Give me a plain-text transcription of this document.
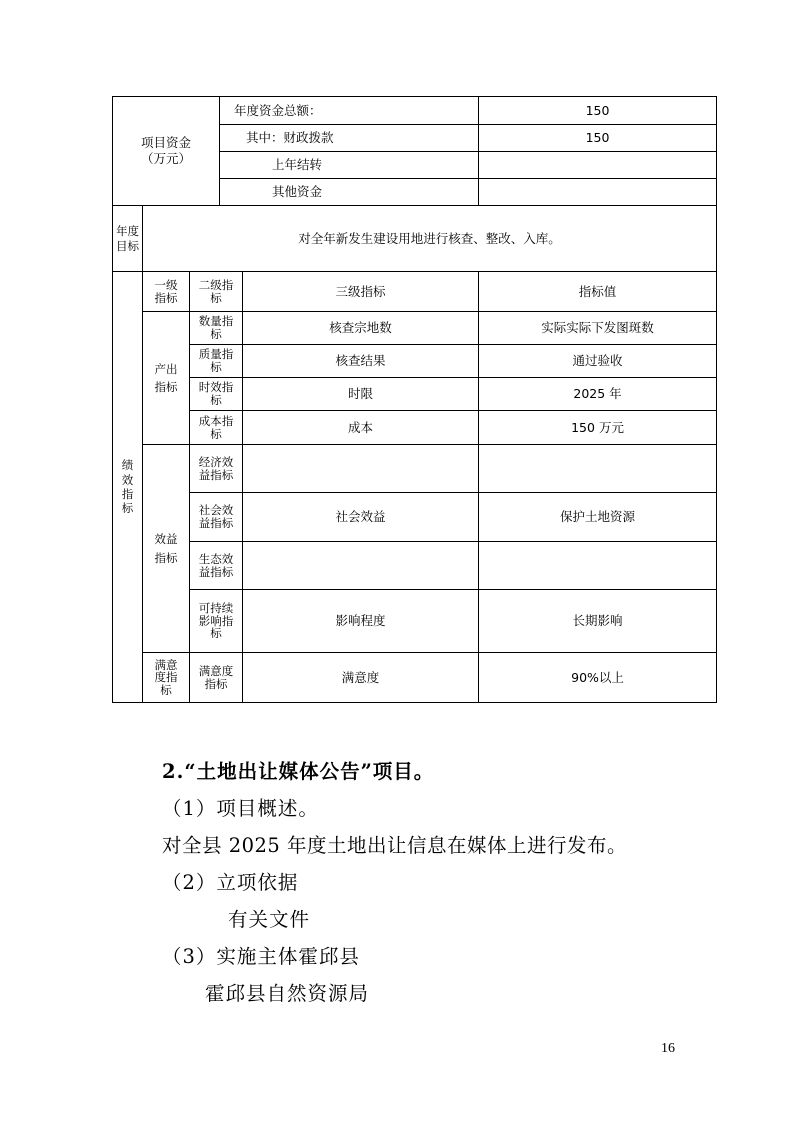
项目资金
（万元）			年度资金总额：		150
			其中：财政拨款		150
			上年结转		
			其他资金		
年度目标	对全年新发生建设用地进行核查、整改、入库。				
绩效指标	一级指标	二级指标		三级指标	指标值

	产出指标	数量指标		核查宗地数	实际实际下发图斑数

		质量指标		核查结果	通过验收

		时效指标		时限	2025 年

		成本指标		成本	150 万元

	效益指标	经济效益指标			

		社会效益指标		社会效益	保护土地资源

		生态效益指标			

		可持续影响指标		影响程度	长期影响

	满意度指标	满意度指标		满意度	90%以上
2.“土地出让媒体公告”项目。
（1）项目概述。
对全县 2025 年度土地出让信息在媒体上进行发布。
（2）立项依据
有关文件
（3）实施主体霍邱县
霍邱县自然资源局
16
